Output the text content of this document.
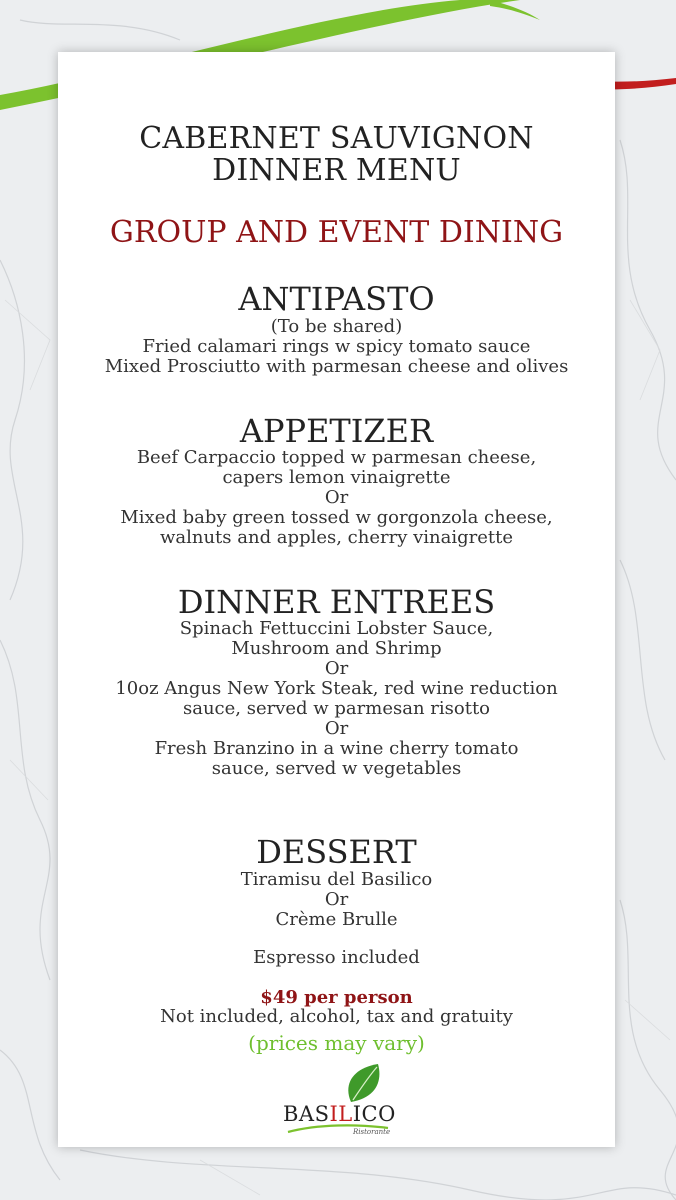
CABERNET SAUVIGNON
DINNER MENU
GROUP AND EVENT DINING
ANTIPASTO
(To be shared)
Fried calamari rings w spicy tomato sauce
Mixed Prosciutto with parmesan cheese and olives
APPETIZER
Beef Carpaccio topped w parmesan cheese,
capers lemon vinaigrette
Or
Mixed baby green tossed w gorgonzola cheese,
walnuts and apples, cherry vinaigrette
DINNER ENTREES
Spinach Fettuccini Lobster Sauce,
Mushroom and Shrimp
Or
10oz Angus New York Steak, red wine reduction
sauce, served w parmesan risotto
Or
Fresh Branzino in a wine cherry tomato
sauce, served w vegetables
DESSERT
Tiramisu del Basilico
Or
Crème Brulle
Espresso included
$49 per person
Not included, alcohol, tax and gratuity
(prices may vary)
BASILICO
Ristorante
